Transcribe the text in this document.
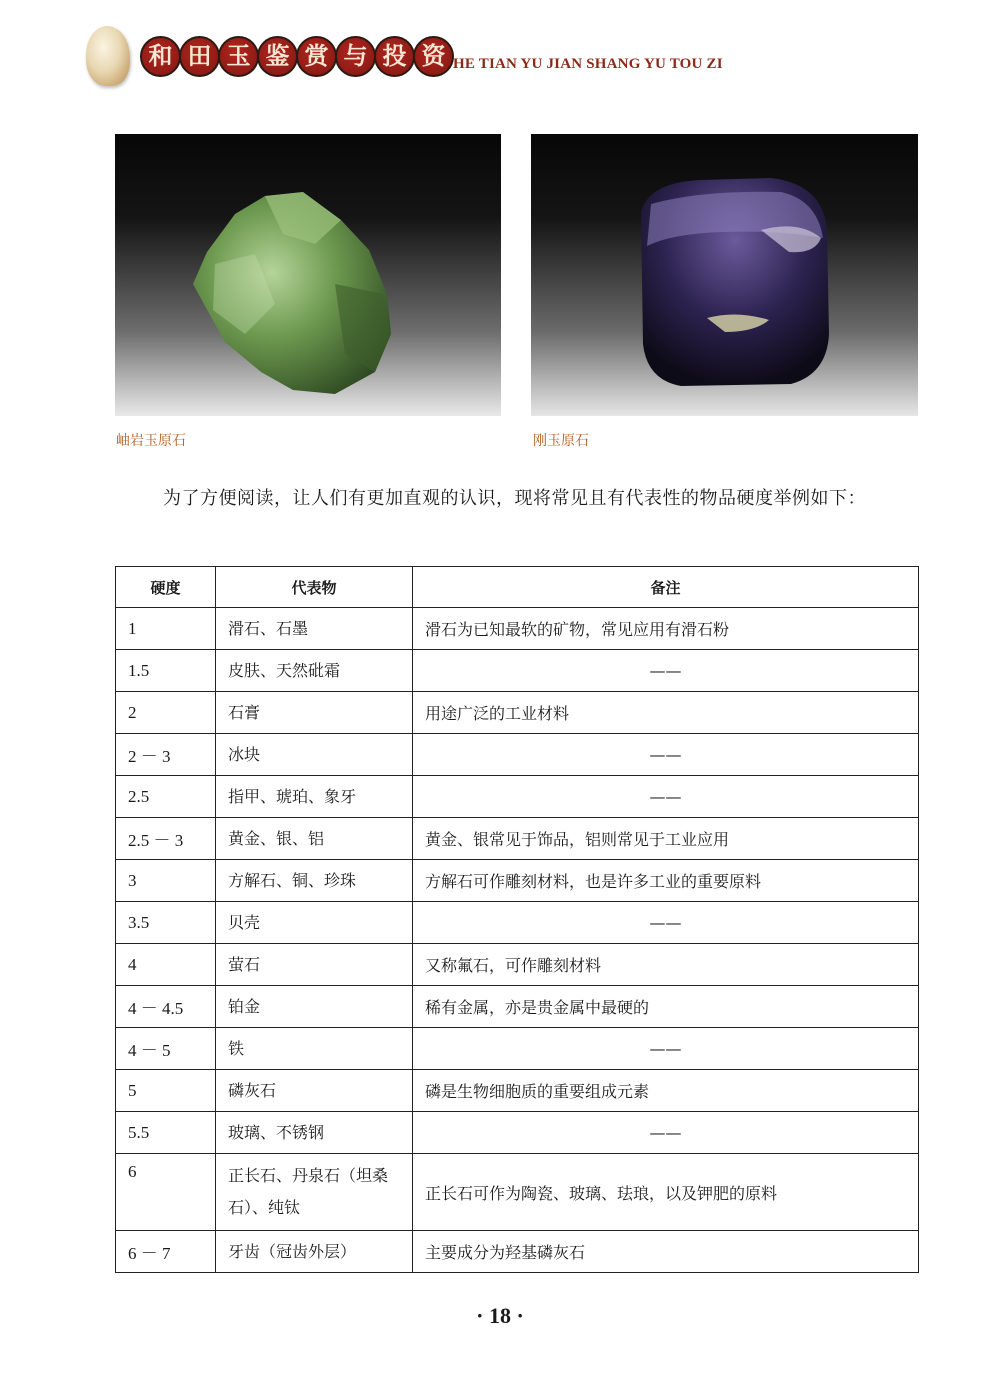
和 田 玉 鉴 赏 与 投 资 HE TIAN YU JIAN SHANG YU TOU ZI
岫岩玉原石	刚玉原石
为了方便阅读，让人们有更加直观的认识，现将常见且有代表性的物品硬度举例如下：
硬度	代表物	备注
1	滑石、石墨	滑石为已知最软的矿物，常见应用有滑石粉
1.5	皮肤、天然砒霜	——

2	石膏	用途广泛的工业材料
2 － 3	冰块	——

2.5	指甲、琥珀、象牙	——

2.5 － 3	黄金、银、铝	黄金、银常见于饰品，铝则常见于工业应用
3	方解石、铜、珍珠	方解石可作雕刻材料，也是许多工业的重要原料
3.5	贝壳	——

4	萤石	又称氟石，可作雕刻材料
4 － 4.5	铂金	稀有金属，亦是贵金属中最硬的
4 － 5	铁	——

5	磷灰石	磷是生物细胞质的重要组成元素
5.5	玻璃、不锈钢	——

6	正长石、丹泉石（坦桑石）、纯钛	正长石可作为陶瓷、玻璃、珐琅，以及钾肥的原料
6 － 7	牙齿（冠齿外层）	主要成分为羟基磷灰石
· 18 ·
